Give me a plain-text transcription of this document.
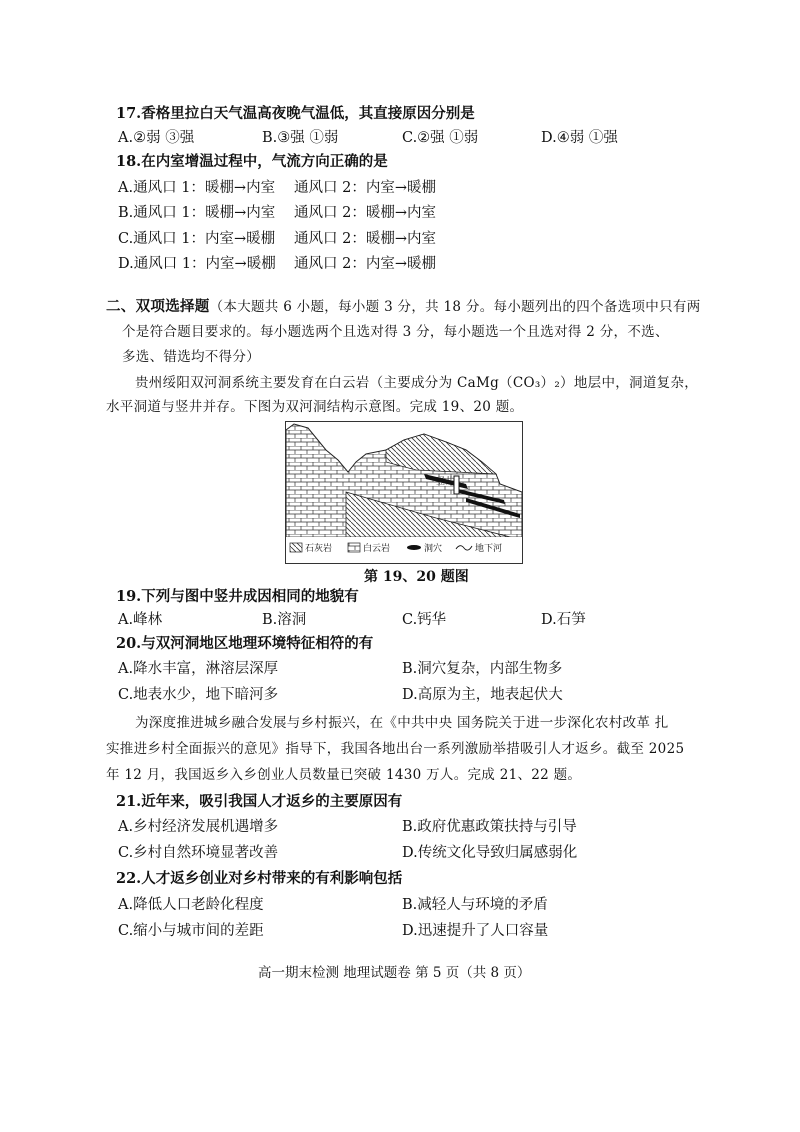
17.香格里拉白天气温高夜晚气温低，其直接原因分别是
A.②弱 ③强	B.③强 ①弱	C.②强 ①弱	D.④弱 ①强
18.在内室增温过程中，气流方向正确的是
A.通风口 1：暖棚→内室 通风口 2：内室→暖棚
B.通风口 1：暖棚→内室 通风口 2：暖棚→内室
C.通风口 1：内室→暖棚 通风口 2：暖棚→内室
D.通风口 1：内室→暖棚 通风口 2：内室→暖棚
二、双项选择题（本大题共 6 小题，每小题 3 分，共 18 分。每小题列出的四个备选项中只有两
个是符合题目要求的。每小题选两个且选对得 3 分，每小题选一个且选对得 2 分，不选、
多选、错选均不得分）
贵州绥阳双河洞系统主要发育在白云岩（主要成分为 CaMg（CO₃）₂）地层中，洞道复杂，
水平洞道与竖井并存。下图为双河洞结构示意图。完成 19、20 题。
竖井
石灰岩	白云岩	洞穴	地下河
第 19、20 题图
19.下列与图中竖井成因相同的地貌有
A.峰林	B.溶洞	C.钙华	D.石笋
20.与双河洞地区地理环境特征相符的有
A.降水丰富，淋溶层深厚	B.洞穴复杂，内部生物多
C.地表水少，地下暗河多	D.高原为主，地表起伏大
为深度推进城乡融合发展与乡村振兴，在《中共中央 国务院关于进一步深化农村改革 扎
实推进乡村全面振兴的意见》指导下，我国各地出台一系列激励举措吸引人才返乡。截至 2025
年 12 月，我国返乡入乡创业人员数量已突破 1430 万人。完成 21、22 题。
21.近年来，吸引我国人才返乡的主要原因有
A.乡村经济发展机遇增多	B.政府优惠政策扶持与引导
C.乡村自然环境显著改善	D.传统文化导致归属感弱化
22.人才返乡创业对乡村带来的有利影响包括
A.降低人口老龄化程度	B.减轻人与环境的矛盾
C.缩小与城市间的差距	D.迅速提升了人口容量
高一期末检测 地理试题卷 第 5 页（共 8 页）
